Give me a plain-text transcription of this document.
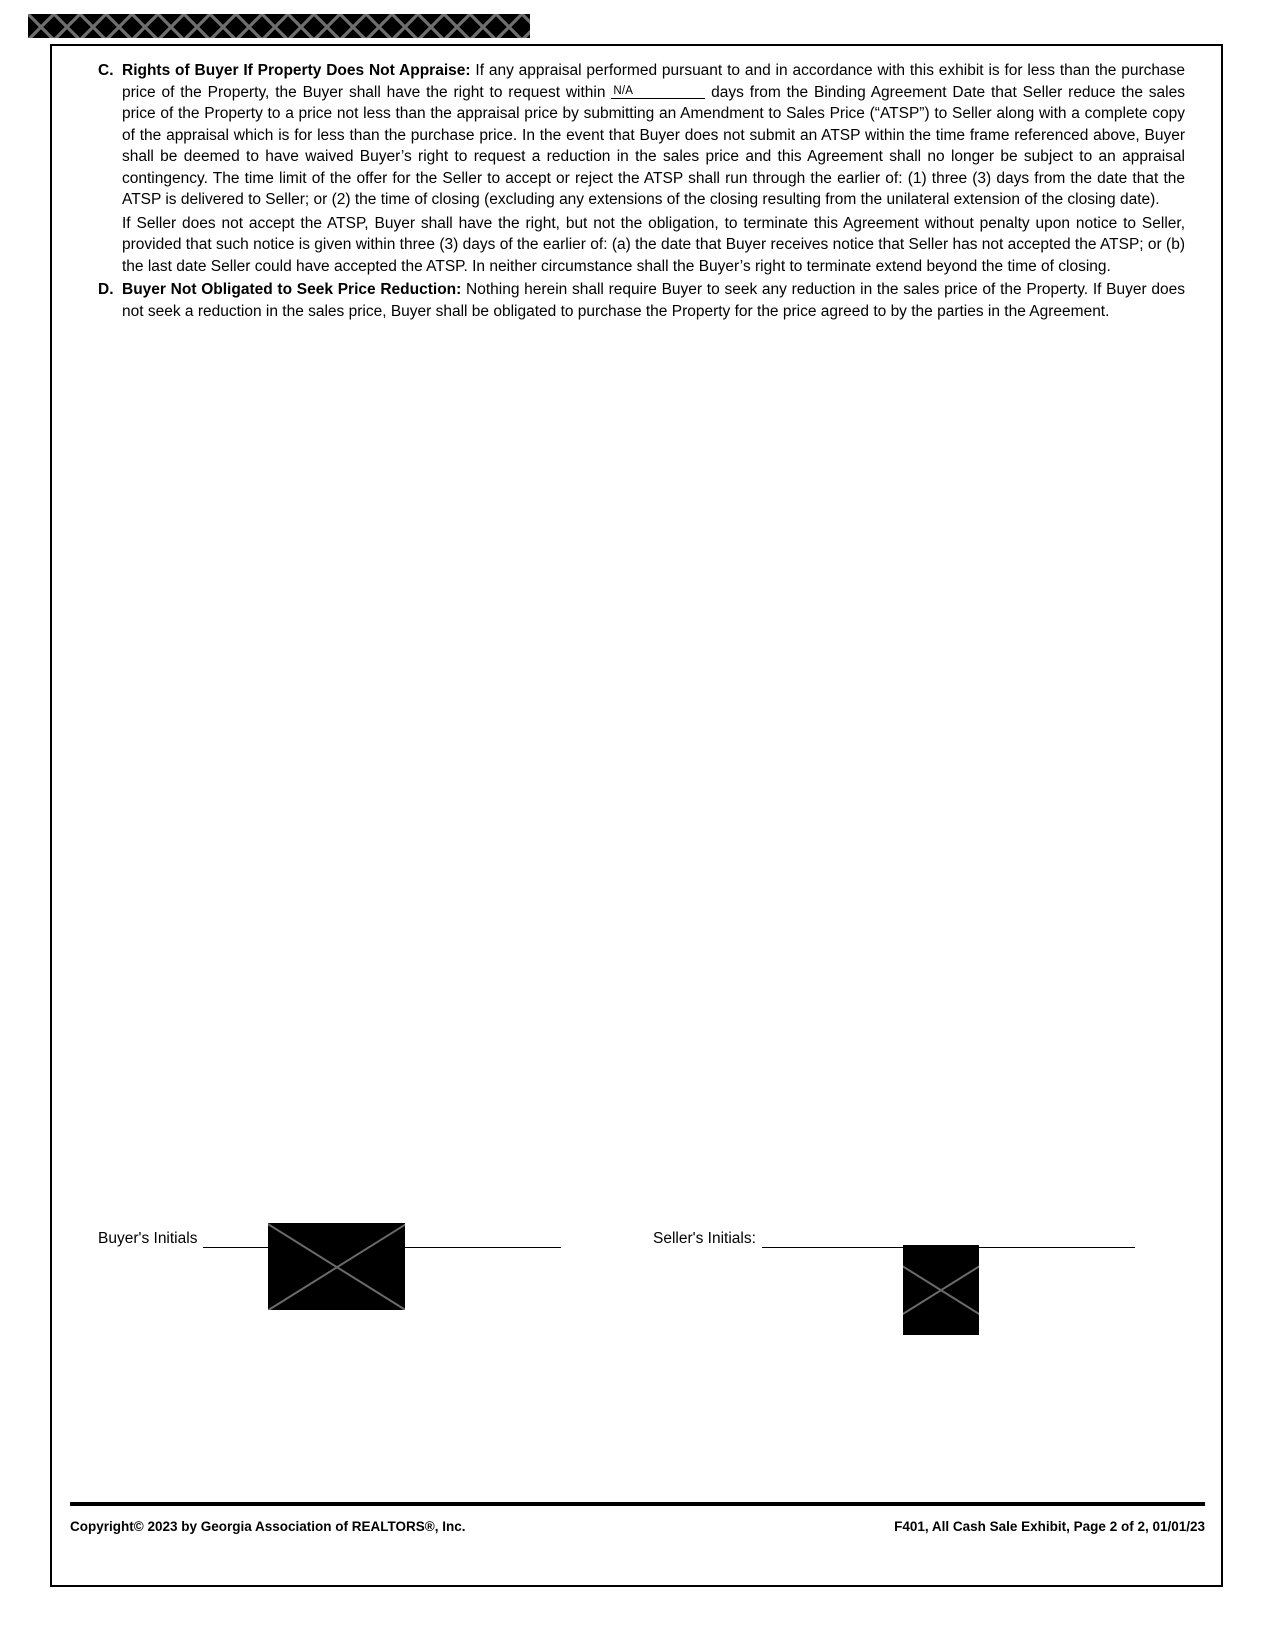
C. Rights of Buyer If Property Does Not Appraise: If any appraisal performed pursuant to and in accordance with this exhibit is for less than the purchase price of the Property, the Buyer shall have the right to request within N/A	days from the Binding Agreement Date that Seller reduce the sales price of the Property to a price not less than the appraisal price by submitting an Amendment to Sales Price (“ATSP”) to Seller along with a complete copy of the appraisal which is for less than the purchase price. In the event that Buyer does not submit an ATSP within the time frame referenced above, Buyer shall be deemed to have waived Buyer’s right to request a reduction in the sales price and this Agreement shall no longer be subject to an appraisal contingency. The time limit of the offer for the Seller to accept or reject the ATSP shall run through the earlier of: (1) three (3) days from the date that the ATSP is delivered to Seller; or (2) the time of closing (excluding any extensions of the closing resulting from the unilateral extension of the closing date).
If Seller does not accept the ATSP, Buyer shall have the right, but not the obligation, to terminate this Agreement without penalty upon notice to Seller, provided that such notice is given within three (3) days of the earlier of: (a) the date that Buyer receives notice that Seller has not accepted the ATSP; or (b) the last date Seller could have accepted the ATSP. In neither circumstance shall the Buyer’s right to terminate extend beyond the time of closing.
D. Buyer Not Obligated to Seek Price Reduction: Nothing herein shall require Buyer to seek any reduction in the sales price of the Property. If Buyer does not seek a reduction in the sales price, Buyer shall be obligated to purchase the Property for the price agreed to by the parties in the Agreement.
Buyer's Initials	Seller's Initials:
Copyright© 2023 by Georgia Association of REALTORS®, Inc.	F401, All Cash Sale Exhibit, Page 2 of 2, 01/01/23
